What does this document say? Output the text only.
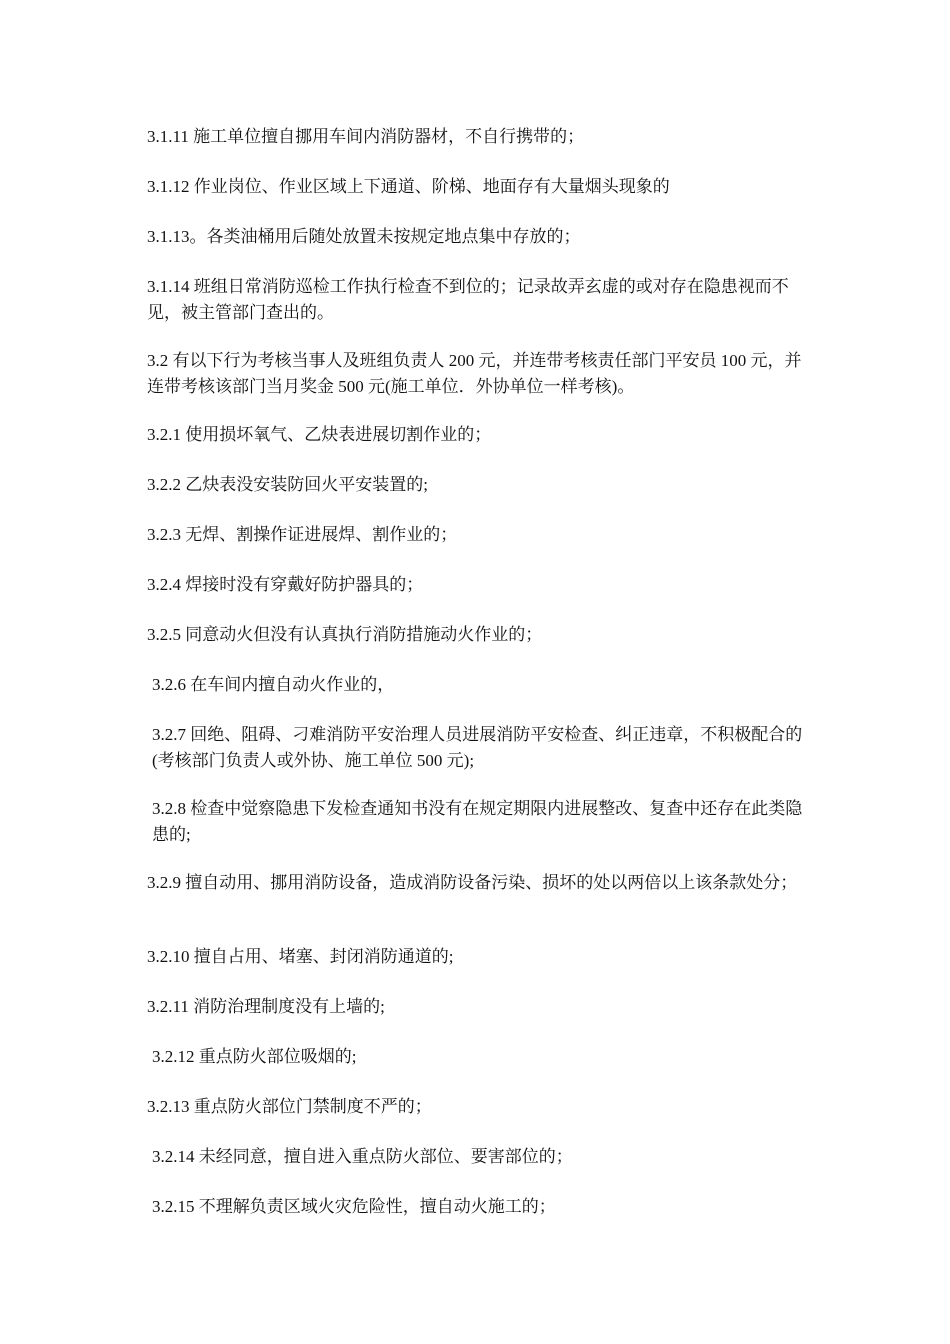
3.1.11 施工单位擅自挪用车间内消防器材，不自行携带的；

3.1.12 作业岗位、作业区域上下通道、阶梯、地面存有大量烟头现象的

3.1.13。各类油桶用后随处放置未按规定地点集中存放的；

3.1.14 班组日常消防巡检工作执行检查不到位的；记录故弄玄虚的或对存在隐患视而不见，被主管部门查出的。

3.2 有以下行为考核当事人及班组负责人 200 元，并连带考核责任部门平安员 100 元，并连带考核该部门当月奖金 500 元(施工单位．外协单位一样考核)。

3.2.1 使用损坏氧气、乙炔表进展切割作业的；

3.2.2 乙炔表没安装防回火平安装置的;

3.2.3 无焊、割操作证进展焊、割作业的；

3.2.4 焊接时没有穿戴好防护器具的；

3.2.5 同意动火但没有认真执行消防措施动火作业的；

3.2.6 在车间内擅自动火作业的，

3.2.7 回绝、阻碍、刁难消防平安治理人员进展消防平安检查、纠正违章，不积极配合的(考核部门负责人或外协、施工单位 500 元);

3.2.8 检查中觉察隐患下发检查通知书没有在规定期限内进展整改、复查中还存在此类隐患的;

3.2.9 擅自动用、挪用消防设备，造成消防设备污染、损坏的处以两倍以上该条款处分；

3.2.10 擅自占用、堵塞、封闭消防通道的;

3.2.11 消防治理制度没有上墙的;

3.2.12 重点防火部位吸烟的;

3.2.13 重点防火部位门禁制度不严的；

3.2.14 未经同意，擅自进入重点防火部位、要害部位的；

3.2.15 不理解负责区域火灾危险性，擅自动火施工的；
